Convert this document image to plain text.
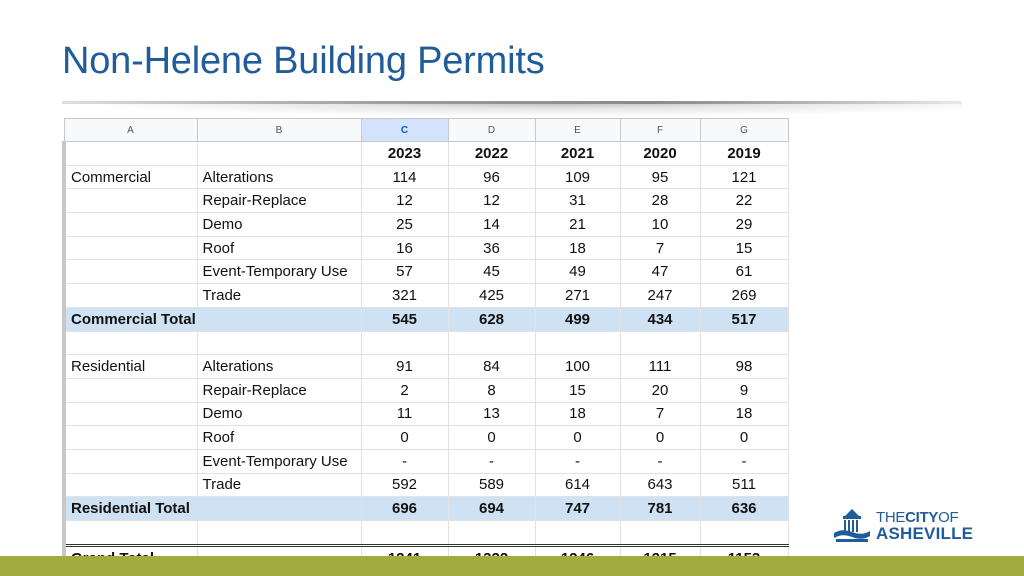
Non-Helene Building Permits
A	B	C	D	E	F	G
		2023	2022	2021	2020	2019
Commercial	Alterations	114	96	109	95	121
	Repair-Replace	12	12	31	28	22
	Demo	25	14	21	10	29
	Roof	16	36	18	7	15
	Event-Temporary Use	57	45	49	47	61
	Trade	321	425	271	247	269
Commercial Total		545	628	499	434	517

Residential	Alterations	91	84	100	111	98
	Repair-Replace	2	8	15	20	9
	Demo	11	13	18	7	18
	Roof	0	0	0	0	0
	Event-Temporary Use	-	-	-	-	-
	Trade	592	589	614	643	511
Residential Total		696	694	747	781	636

THECITYOF
ASHEVILLE
